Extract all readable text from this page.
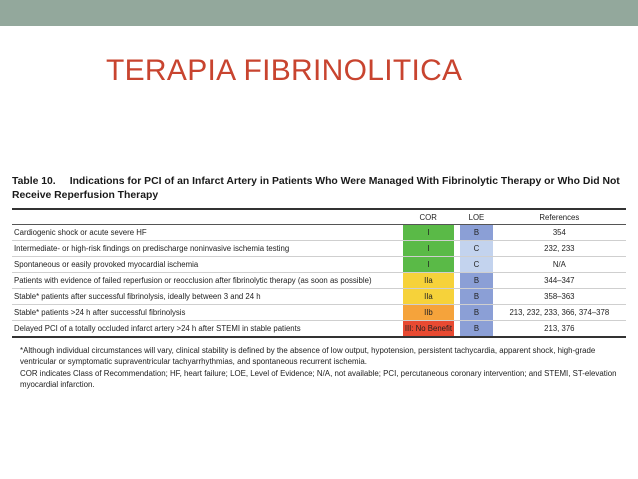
TERAPIA FIBRINOLITICA
Table 10. Indications for PCI of an Infarct Artery in Patients Who Were Managed With Fibrinolytic Therapy or Who Did Not Receive Reperfusion Therapy
	COR		LOE	References
Cardiogenic shock or acute severe HF	I		B	354
Intermediate- or high-risk findings on predischarge noninvasive ischemia testing	I		C	232, 233
Spontaneous or easily provoked myocardial ischemia	I		C	N/A
Patients with evidence of failed reperfusion or reocclusion after fibrinolytic therapy (as soon as possible)	IIa		B	344–347
Stable* patients after successful fibrinolysis, ideally between 3 and 24 h	IIa		B	358–363
Stable* patients >24 h after successful fibrinolysis	IIb		B	213, 232, 233, 366, 374–378
Delayed PCI of a totally occluded infarct artery >24 h after STEMI in stable patients	III: No Benefit		B	213, 376

*Although individual circumstances will vary, clinical stability is defined by the absence of low output, hypotension, persistent tachycardia, apparent shock, high-grade ventricular or symptomatic supraventricular tachyarrhythmias, and spontaneous recurrent ischemia.

COR indicates Class of Recommendation; HF, heart failure; LOE, Level of Evidence; N/A, not available; PCI, percutaneous coronary intervention; and STEMI, ST-elevation myocardial infarction.
